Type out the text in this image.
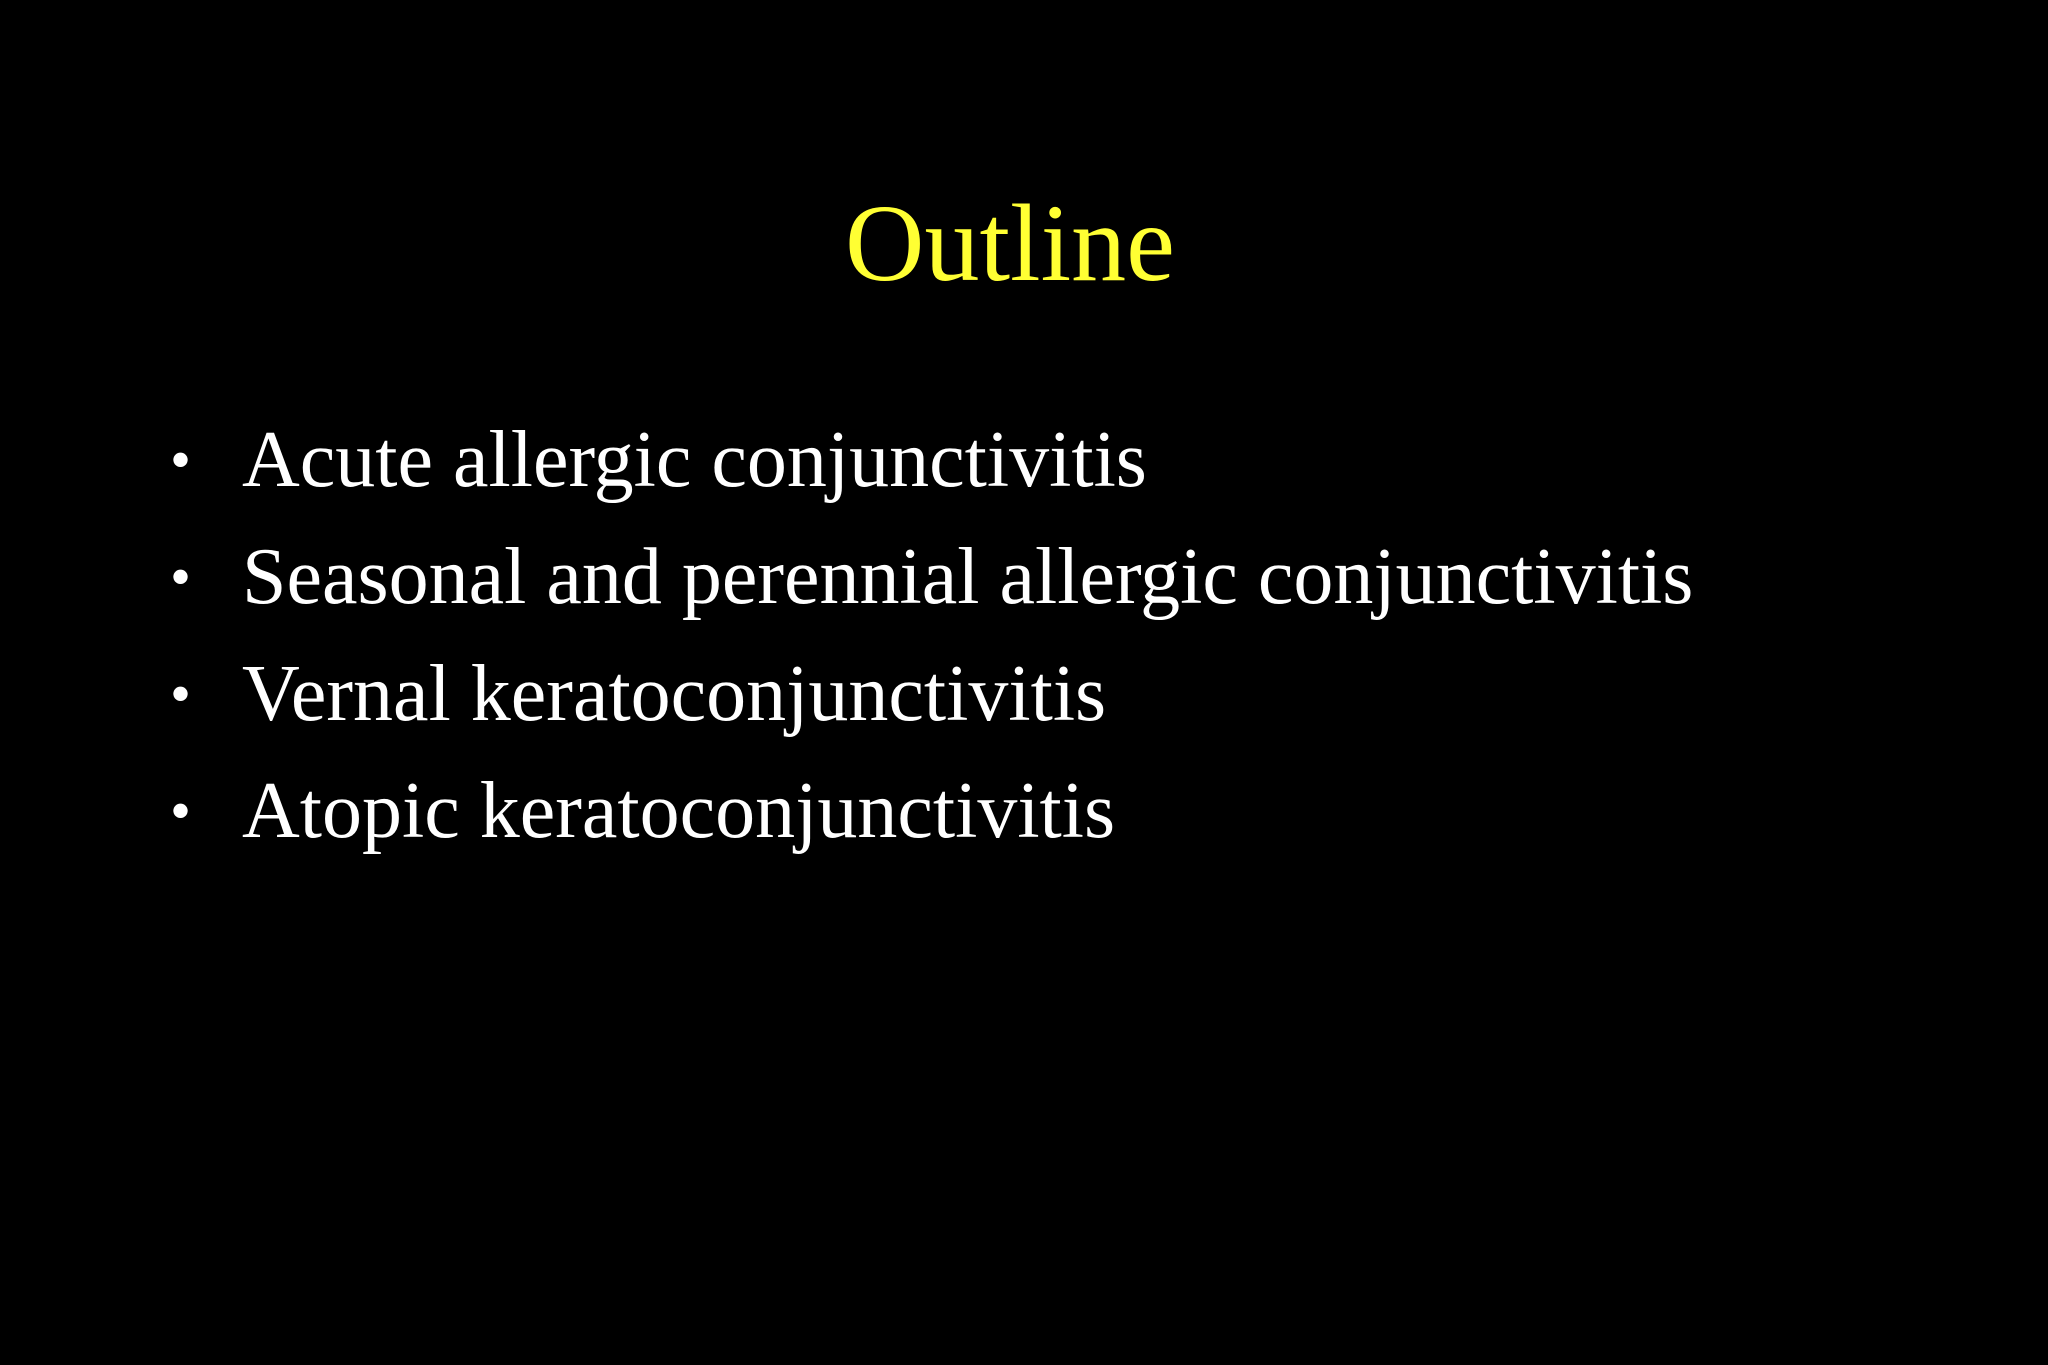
Outline
• Acute allergic conjunctivitis
• Seasonal and perennial allergic conjunctivitis
• Vernal keratoconjunctivitis
• Atopic keratoconjunctivitis
